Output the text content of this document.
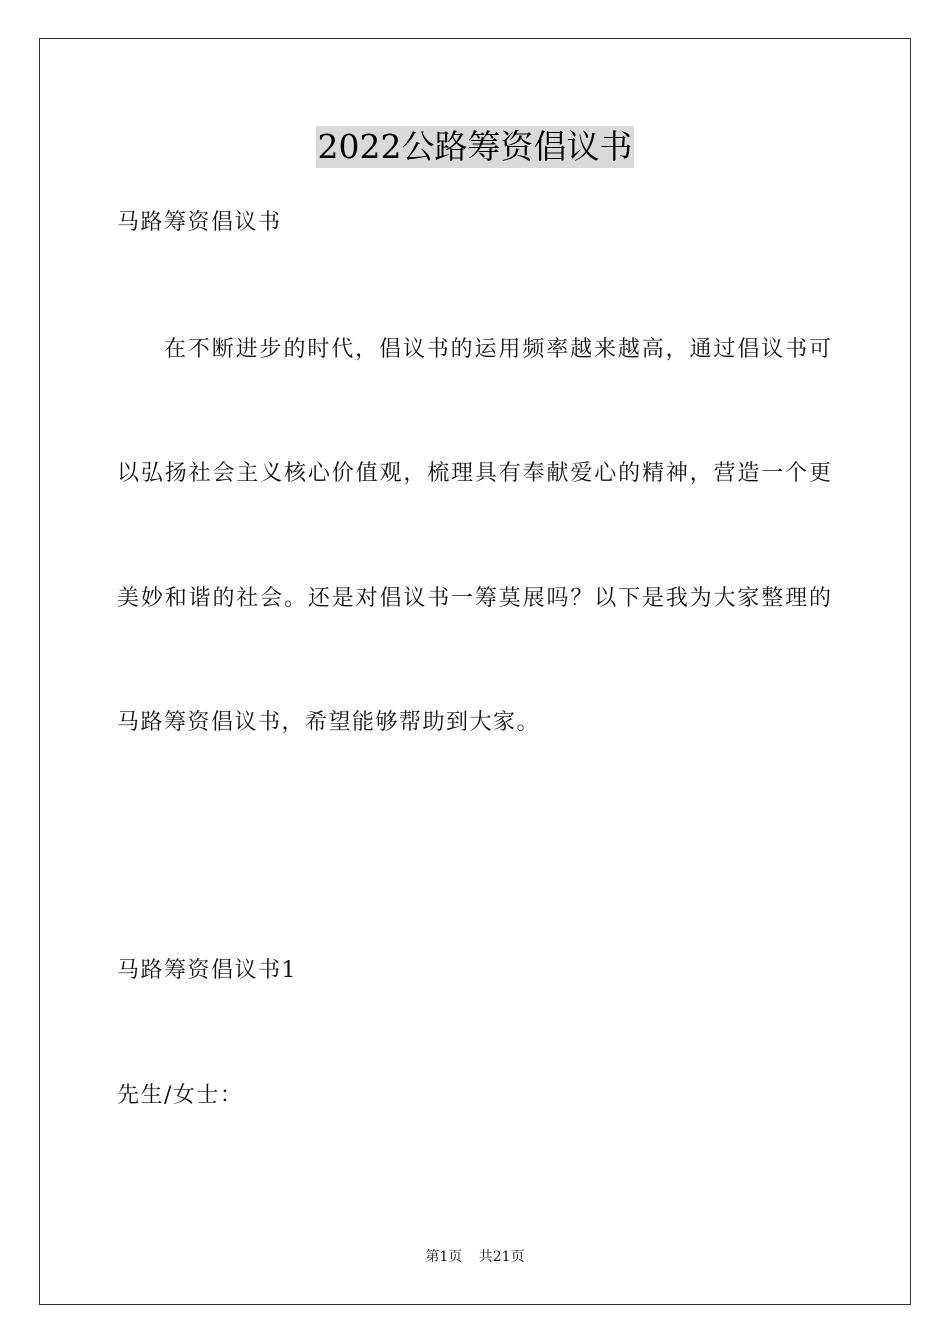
2022公路筹资倡议书
马路筹资倡议书
在不断进步的时代，倡议书的运用频率越来越高，通过倡议书可
以弘扬社会主义核心价值观，梳理具有奉献爱心的精神，营造一个更
美妙和谐的社会。还是对倡议书一筹莫展吗？以下是我为大家整理的
马路筹资倡议书，希望能够帮助到大家。
马路筹资倡议书1
先生/女士：
第1页 共21页
